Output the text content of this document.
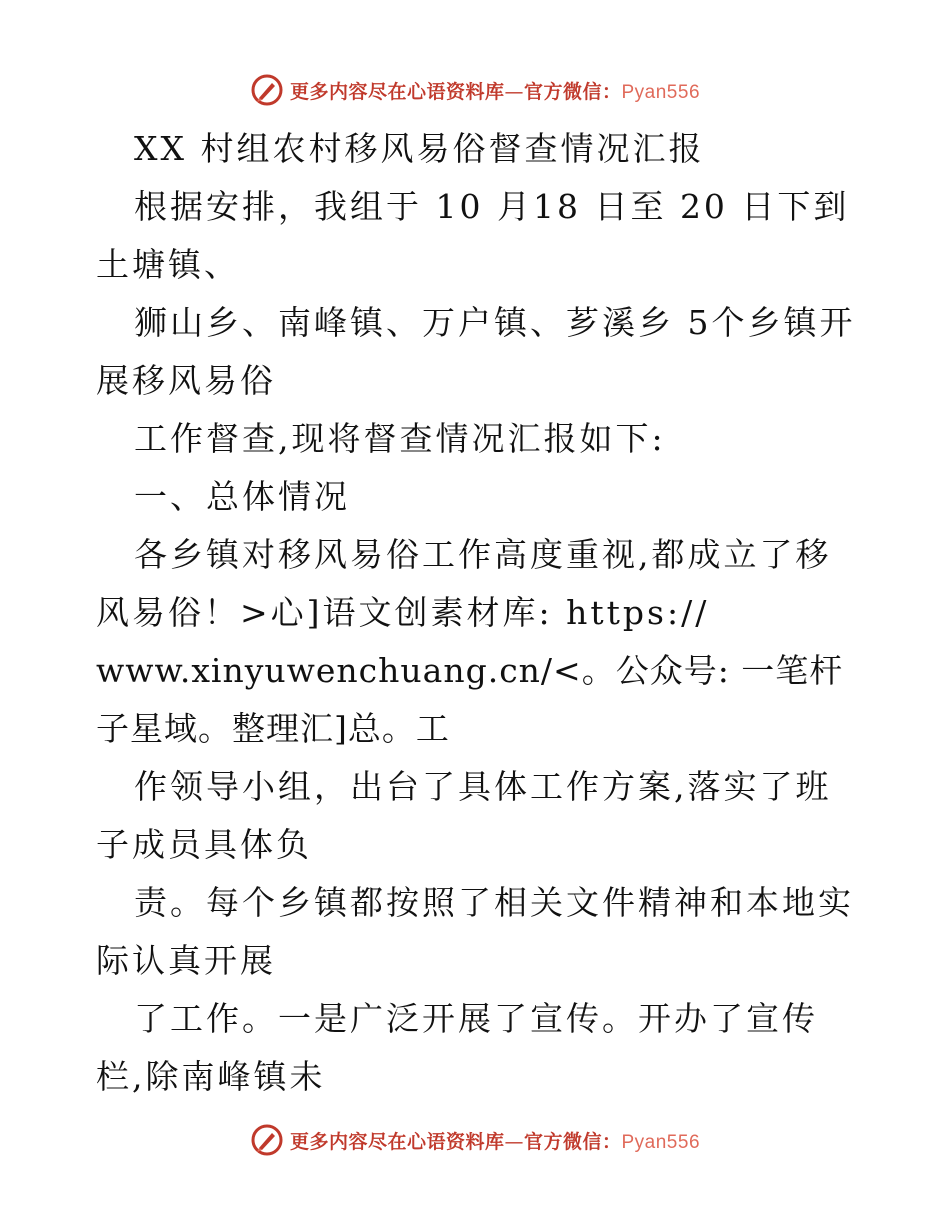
更多内容尽在心语资料库—官方微信：Pyan556

XX 村组农村移风易俗督查情况汇报

根据安排，我组于 10 月18 日至 20 日下到土塘镇、

狮山乡、南峰镇、万户镇、芗溪乡 5个乡镇开展移风易俗

工作督查,现将督查情况汇报如下:

一、总体情况

各乡镇对移风易俗工作高度重视,都成立了移风易俗！>心]语文创素材库: https://

www.xinyuwenchuang.cn/<。公众号: 一笔杆子星域。整理汇]总。工

作领导小组，出台了具体工作方案,落实了班子成员具体负

责。每个乡镇都按照了相关文件精神和本地实际认真开展

了工作。一是广泛开展了宣传。开办了宣传栏,除南峰镇未

更多内容尽在心语资料库—官方微信：Pyan556
